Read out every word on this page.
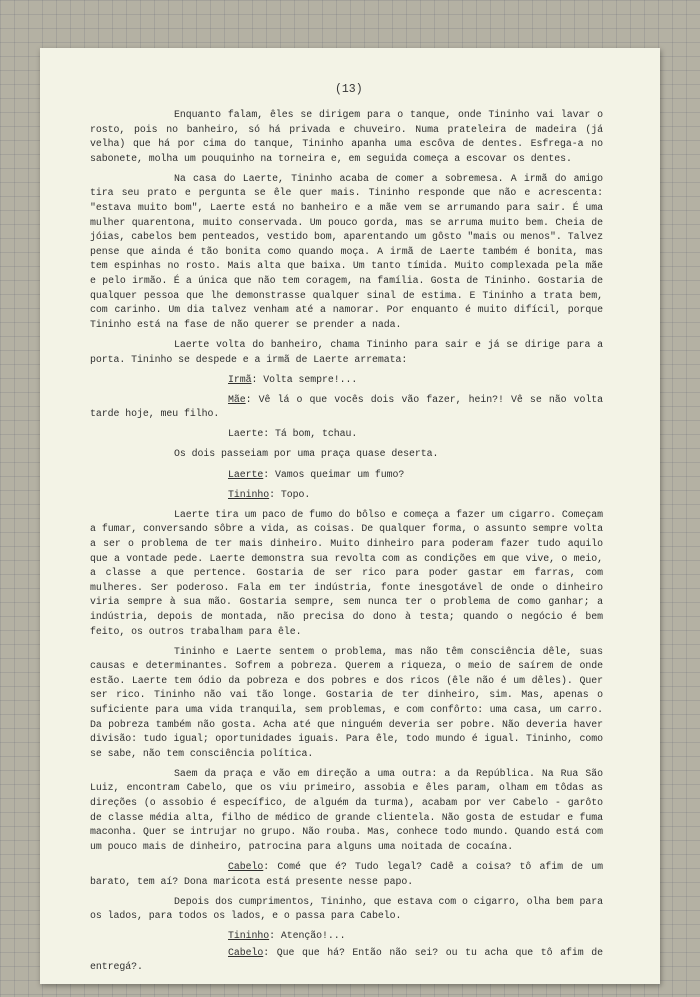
(13)

Enquanto falam, êles se dirigem para o tanque, onde Tininho vai lavar o rosto, pois no banheiro, só há privada e chuveiro. Numa prateleira de madeira (já velha) que há por cima do tanque, Tininho apanha uma escôva de dentes. Esfrega-a no sabonete, molha um pouquinho na torneira e, em seguida começa a escovar os dentes.

Na casa do Laerte, Tininho acaba de comer a sobremesa. A irmã do amigo tira seu prato e pergunta se êle quer mais. Tininho responde que não e acrescenta: "estava muito bom", Laerte está no banheiro e a mãe vem se arrumando para sair. É uma mulher quarentona, muito conservada. Um pouco gorda, mas se arruma muito bem. Cheia de jóias, cabelos bem penteados, vestido bom, aparentando um gôsto "mais ou menos". Talvez pense que ainda é tão bonita como quando moça. A irmã de Laerte também é bonita, mas tem espinhas no rosto. Mais alta que baixa. Um tanto tímida. Muito complexada pela mãe e pelo irmão. É a única que não tem coragem, na família. Gosta de Tininho. Gostaria de qualquer pessoa que lhe demonstrasse qualquer sinal de estima. E Tininho a trata bem, com carinho. Um dia talvez venham até a namorar. Por enquanto é muito difícil, porque Tininho está na fase de não querer se prender a nada.

Laerte volta do banheiro, chama Tininho para sair e já se dirige para a porta. Tininho se despede e a irmã de Laerte arremata:

Irmã: Volta sempre!...

Mãe: Vê lá o que vocês dois vão fazer, hein?! Vê se não volta tarde hoje, meu filho.

Laerte: Tá bom, tchau.

Os dois passeiam por uma praça quase deserta.

Laerte: Vamos queimar um fumo?

Tininho: Topo.

Laerte tira um paco de fumo do bôlso e começa a fazer um cigarro. Começam a fumar, conversando sôbre a vida, as coisas. De qualquer forma, o assunto sempre volta a ser o problema de ter mais dinheiro. Muito dinheiro para poderam fazer tudo aquilo que a vontade pede. Laerte demonstra sua revolta com as condições em que vive, o meio, a classe a que pertence. Gostaria de ser rico para poder gastar em farras, com mulheres. Ser poderoso. Fala em ter indústria, fonte inesgotável de onde o dinheiro viria sempre à sua mão. Gostaria sempre, sem nunca ter o problema de como ganhar; a indústria, depois de montada, não precisa do dono à testa; quando o negócio é bem feito, os outros trabalham para êle.

Tininho e Laerte sentem o problema, mas não têm consciência dêle, suas causas e determinantes. Sofrem a pobreza. Querem a riqueza, o meio de saírem de onde estão. Laerte tem ódio da pobreza e dos pobres e dos ricos (êle não é um dêles). Quer ser rico. Tininho não vai tão longe. Gostaria de ter dinheiro, sim. Mas, apenas o suficiente para uma vida tranquila, sem problemas, e com confôrto: uma casa, um carro. Da pobreza também não gosta. Acha até que ninguém deveria ser pobre. Não deveria haver divisão: tudo igual; oportunidades iguais. Para êle, todo mundo é igual. Tininho, como se sabe, não tem consciência política.

Saem da praça e vão em direção a uma outra: a da República. Na Rua São Luiz, encontram Cabelo, que os viu primeiro, assobia e êles param, olham em tôdas as direções (o assobio é específico, de alguém da turma), acabam por ver Cabelo - garôto de classe média alta, filho de médico de grande clientela. Não gosta de estudar e fuma maconha. Quer se intrujar no grupo. Não rouba. Mas, conhece todo mundo. Quando está com um pouco mais de dinheiro, patrocina para alguns uma noitada de cocaína.

Cabelo: Comé que é? Tudo legal? Cadê a coisa? tô afim de um barato, tem aí? Dona maricota está presente nesse papo.

Depois dos cumprimentos, Tininho, que estava com o cigarro, olha bem para os lados, para todos os lados, e o passa para Cabelo.

Tininho: Atenção!...

Cabelo: Que que há? Então não sei? ou tu acha que tô afim de entregá?.
